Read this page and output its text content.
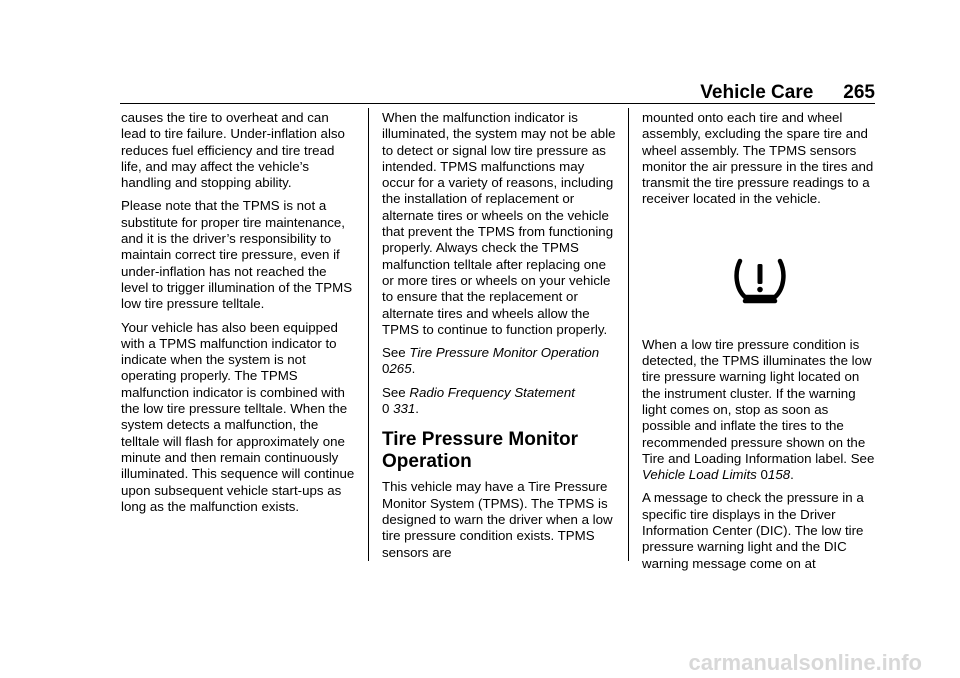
Vehicle Care 265

causes the tire to overheat and can lead to tire failure. Under-inflation also reduces fuel efficiency and tire tread life, and may affect the vehicle’s handling and stopping ability.

Please note that the TPMS is not a substitute for proper tire maintenance, and it is the driver’s responsibility to maintain correct tire pressure, even if under-inflation has not reached the level to trigger illumination of the TPMS low tire pressure telltale.

Your vehicle has also been equipped with a TPMS malfunction indicator to indicate when the system is not operating properly. The TPMS malfunction indicator is combined with the low tire pressure telltale. When the system detects a malfunction, the telltale will flash for approximately one minute and then remain continuously illuminated. This sequence will continue upon subsequent vehicle start-ups as long as the malfunction exists.

When the malfunction indicator is illuminated, the system may not be able to detect or signal low tire pressure as intended. TPMS malfunctions may occur for a variety of reasons, including the installation of replacement or alternate tires or wheels on the vehicle that prevent the TPMS from functioning properly. Always check the TPMS malfunction telltale after replacing one or more tires or wheels on your vehicle to ensure that the replacement or alternate tires and wheels allow the TPMS to continue to function properly.

See Tire Pressure Monitor Operation 0265.

See Radio Frequency Statement
0 331.

Tire Pressure Monitor Operation

This vehicle may have a Tire Pressure Monitor System (TPMS). The TPMS is designed to warn the driver when a low tire pressure condition exists. TPMS sensors are

mounted onto each tire and wheel assembly, excluding the spare tire and wheel assembly. The TPMS sensors monitor the air pressure in the tires and transmit the tire pressure readings to a receiver located in the vehicle.

When a low tire pressure condition is detected, the TPMS illuminates the low tire pressure warning light located on the instrument cluster. If the warning light comes on, stop as soon as possible and inflate the tires to the recommended pressure shown on the Tire and Loading Information label. See Vehicle Load Limits 0158.

A message to check the pressure in a specific tire displays in the Driver Information Center (DIC). The low tire pressure warning light and the DIC warning message come on at

carmanualsonline.info
